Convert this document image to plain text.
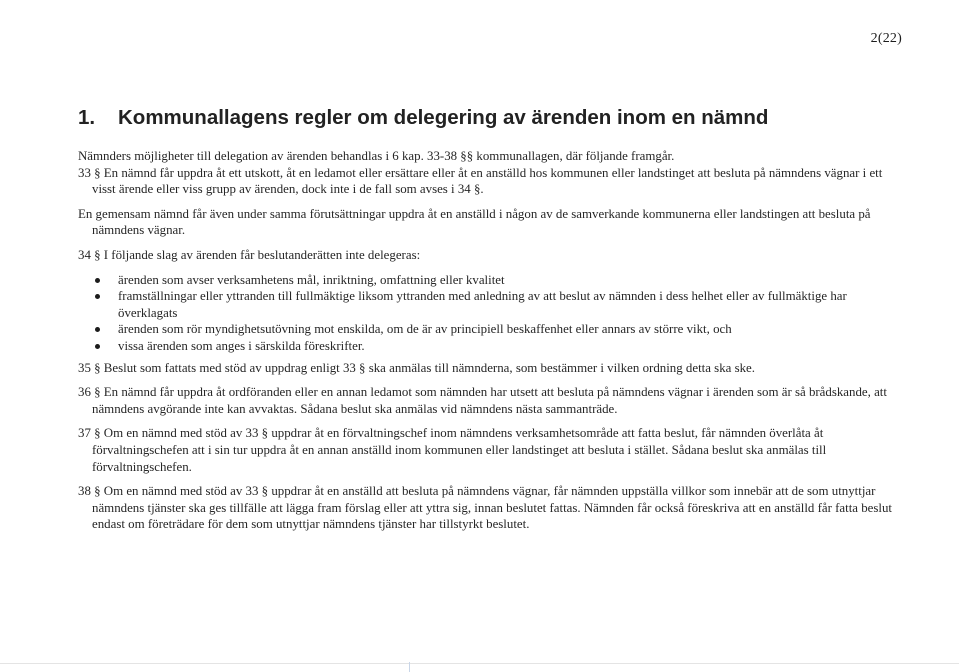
2(22)
1. Kommunallagens regler om delegering av ärenden inom en nämnd

Nämnders möjligheter till delegation av ärenden behandlas i 6 kap. 33-38 §§ kommunallagen, där följande framgår.

33 § En nämnd får uppdra åt ett utskott, åt en ledamot eller ersättare eller åt en anställd hos kommunen eller landstinget att besluta på nämndens vägnar i ett visst ärende eller viss grupp av ärenden, dock inte i de fall som avses i 34 §.

En gemensam nämnd får även under samma förutsättningar uppdra åt en anställd i någon av de samverkande kommunerna eller landstingen att besluta på nämndens vägnar.

34 § I följande slag av ärenden får beslutanderätten inte delegeras:

ärenden som avser verksamhetens mål, inriktning, omfattning eller kvalitet
framställningar eller yttranden till fullmäktige liksom yttranden med anledning av att beslut av nämnden i dess helhet eller av fullmäktige har överklagats
ärenden som rör myndighetsutövning mot enskilda, om de är av principiell beskaffenhet eller annars av större vikt, och
vissa ärenden som anges i särskilda föreskrifter.

35 § Beslut som fattats med stöd av uppdrag enligt 33 § ska anmälas till nämnderna, som bestämmer i vilken ordning detta ska ske.

36 § En nämnd får uppdra åt ordföranden eller en annan ledamot som nämnden har utsett att besluta på nämndens vägnar i ärenden som är så brådskande, att nämndens avgörande inte kan avvaktas. Sådana beslut ska anmälas vid nämndens nästa sammanträde.

37 § Om en nämnd med stöd av 33 § uppdrar åt en förvaltningschef inom nämndens verksamhetsområde att fatta beslut, får nämnden överlåta åt förvaltningschefen att i sin tur uppdra åt en annan anställd inom kommunen eller landstinget att besluta i stället. Sådana beslut ska anmälas till förvaltningschefen.

38 § Om en nämnd med stöd av 33 § uppdrar åt en anställd att besluta på nämndens vägnar, får nämnden uppställa villkor som innebär att de som utnyttjar nämndens tjänster ska ges tillfälle att lägga fram förslag eller att yttra sig, innan beslutet fattas. Nämnden får också föreskriva att en anställd får fatta beslut endast om företrädare för dem som utnyttjar nämndens tjänster har tillstyrkt beslutet.
